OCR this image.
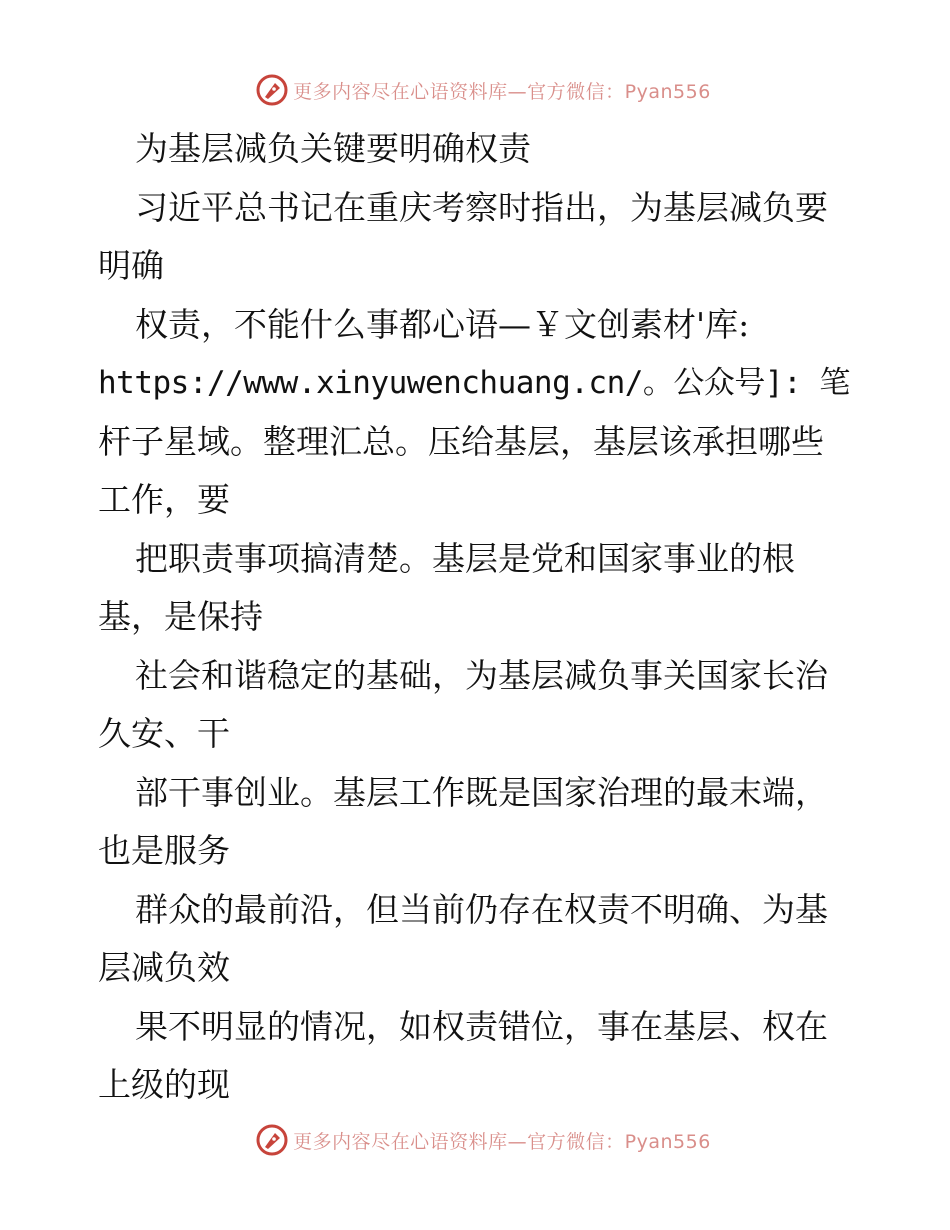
更多内容尽在心语资料库—官方微信：Pyan556
为基层减负关键要明确权责
习近平总书记在重庆考察时指出，为基层减负要
明确
权责，不能什么事都心语—￥文创素材'库:
https://www.xinyuwenchuang.cn/。公众号]: 笔
杆子星域。整理汇总。压给基层，基层该承担哪些
工作，要
把职责事项搞清楚。基层是党和国家事业的根
基，是保持
社会和谐稳定的基础，为基层减负事关国家长治
久安、干
部干事创业。基层工作既是国家治理的最末端，
也是服务
群众的最前沿，但当前仍存在权责不明确、为基
层减负效
果不明显的情况，如权责错位，事在基层、权在
上级的现
更多内容尽在心语资料库—官方微信：Pyan556
